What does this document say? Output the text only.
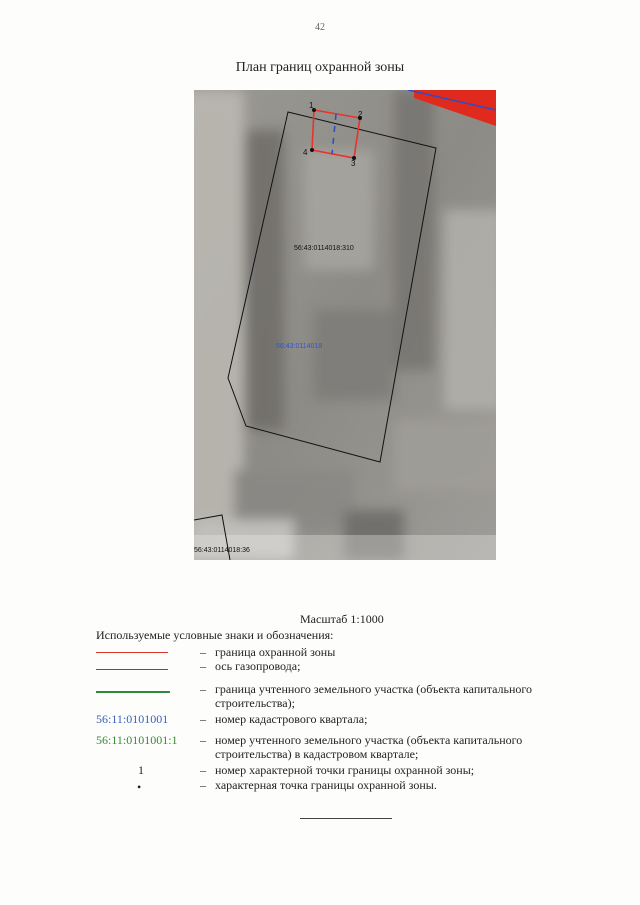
42
План границ охранной зоны
1
2
3
4
56:43:0114018:310
56:43:0114018
56:43:0114018:36
Масштаб 1:1000
Используемые условные знаки и обозначения:
– граница охранной зоны
– ось газопровода;
– граница учтенного земельного участка (объекта капитального строительства);
56:11:0101001	– номер кадастрового квартала;
56:11:0101001:1 – номер учтенного земельного участка (объекта капитального строительства) в кадастровом квартале;
1	– номер характерной точки границы охранной зоны;
•	– характерная точка границы охранной зоны.
